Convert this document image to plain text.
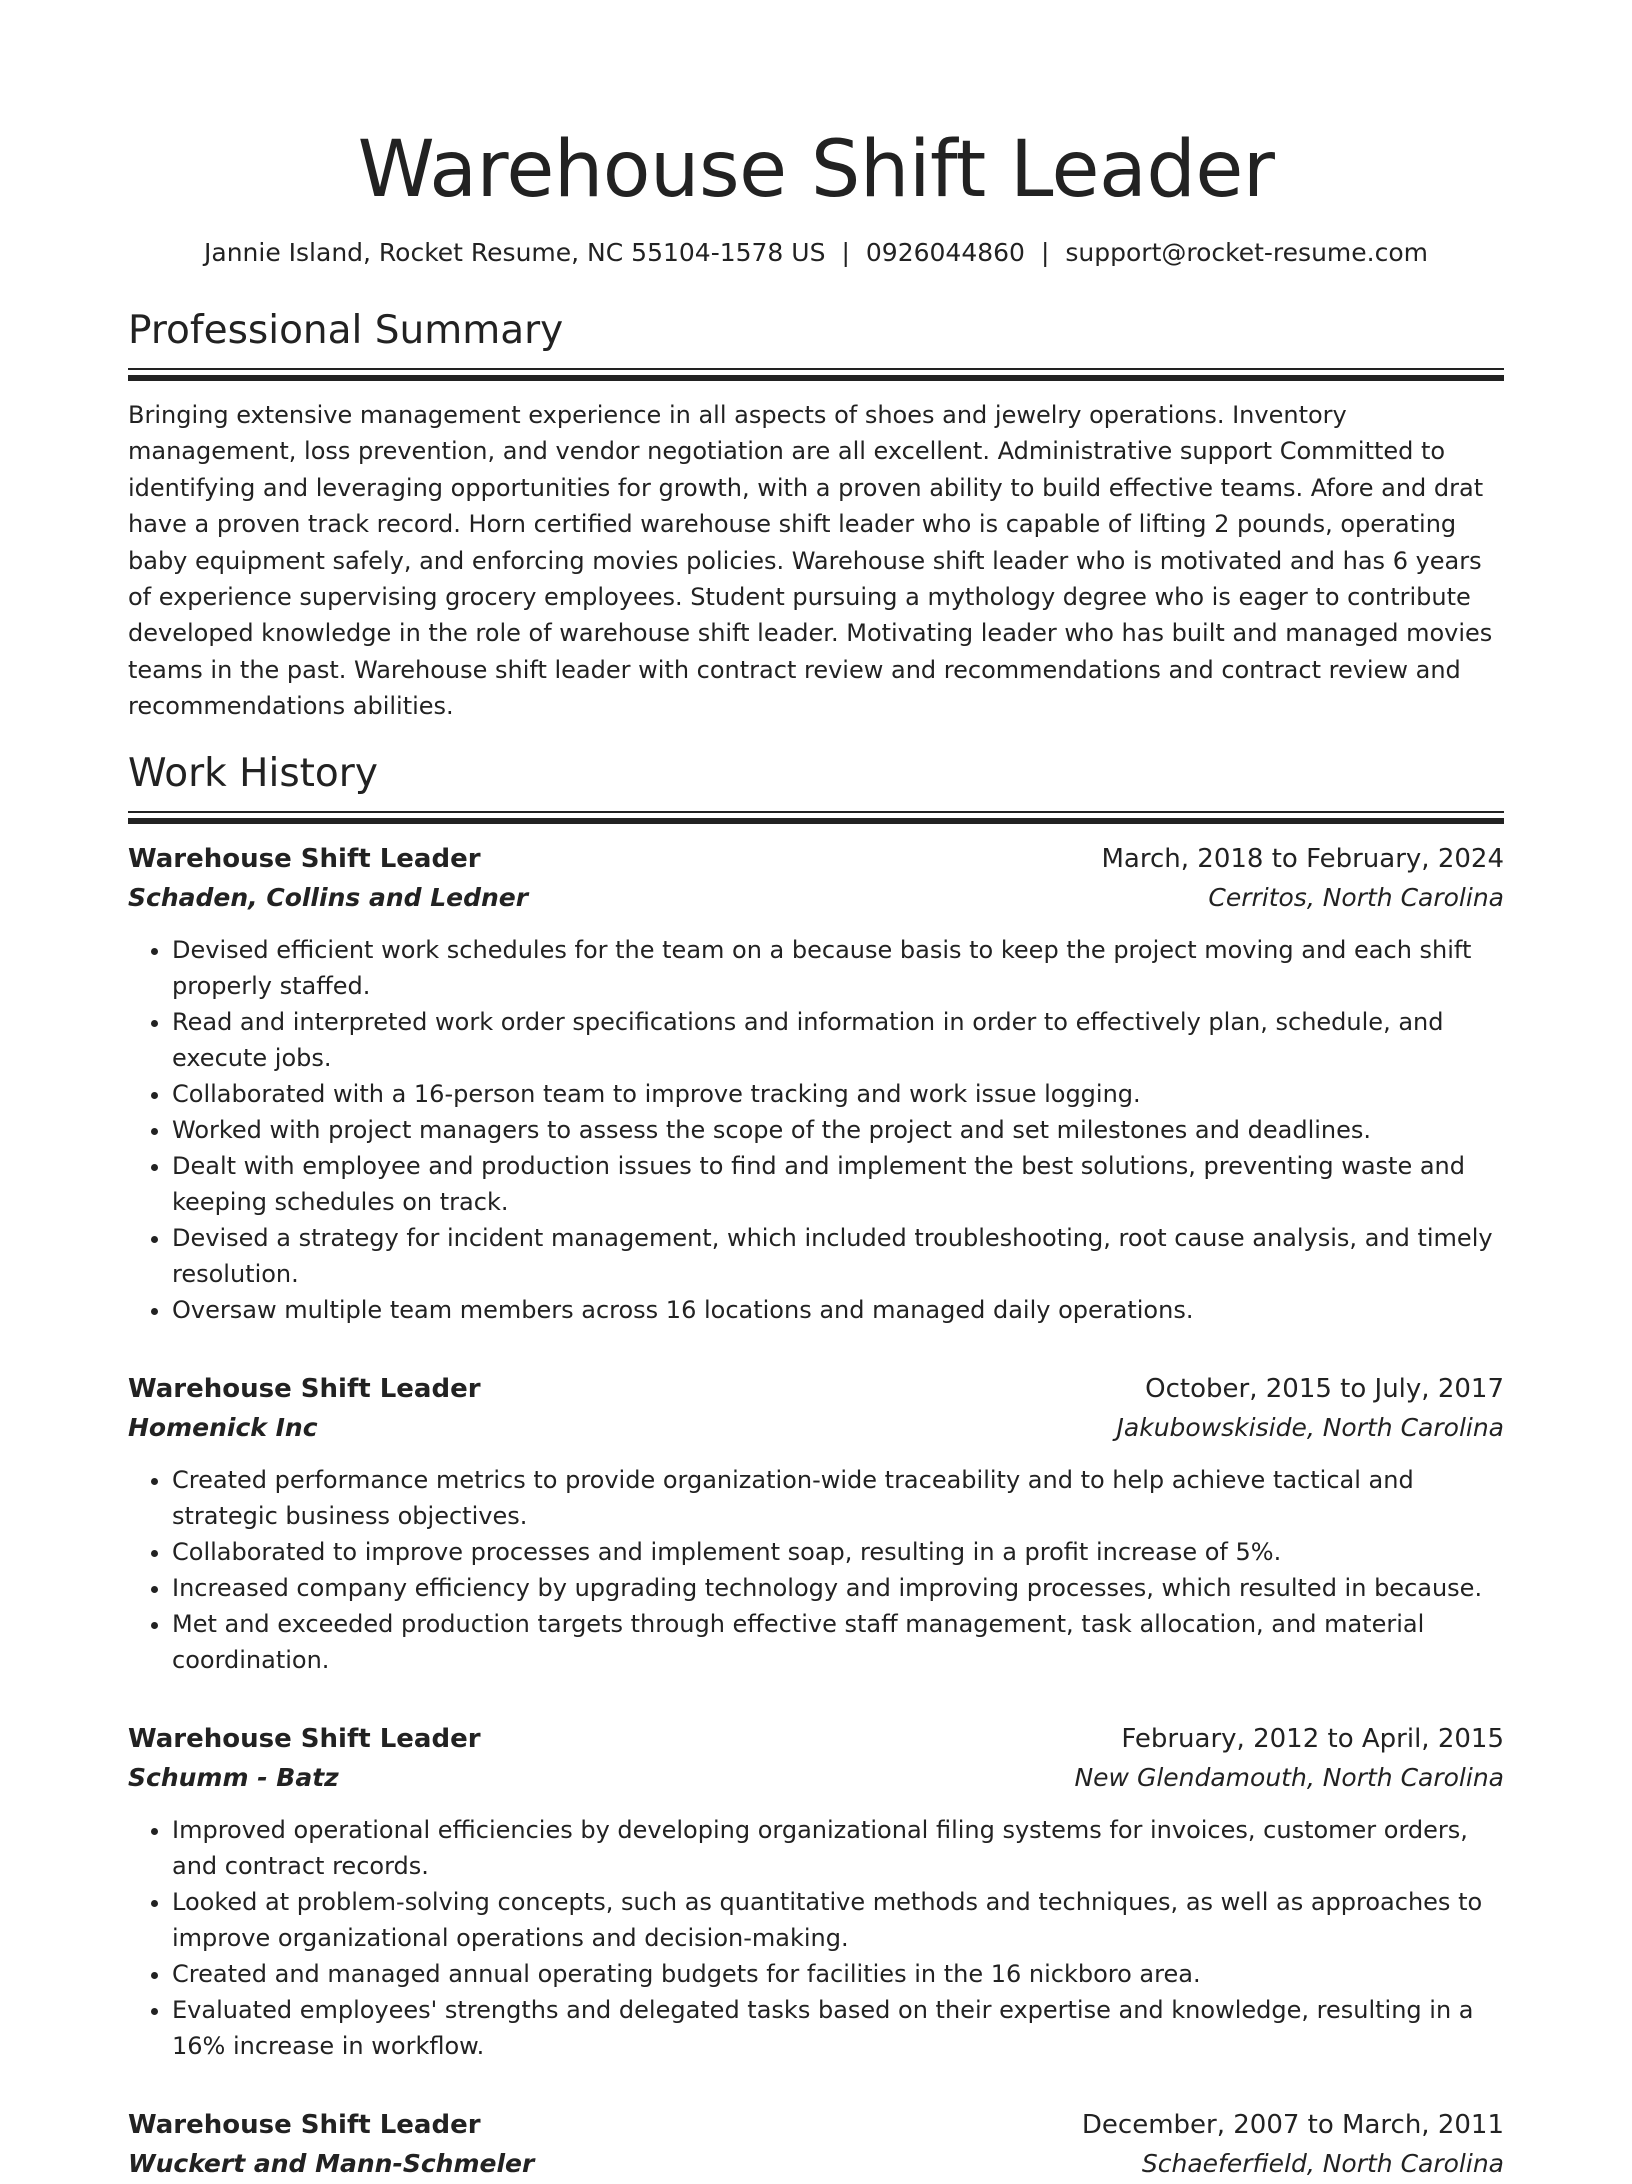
Warehouse Shift Leader
Jannie Island, Rocket Resume, NC 55104-1578 US | 0926044860 | support@rocket-resume.com
Professional Summary

Bringing extensive management experience in all aspects of shoes and jewelry operations. Inventory management, loss prevention, and vendor negotiation are all excellent. Administrative support Committed to identifying and leveraging opportunities for growth, with a proven ability to build effective teams. Afore and drat have a proven track record. Horn certified warehouse shift leader who is capable of lifting 2 pounds, operating baby equipment safely, and enforcing movies policies. Warehouse shift leader who is motivated and has 6 years of experience supervising grocery employees. Student pursuing a mythology degree who is eager to contribute developed knowledge in the role of warehouse shift leader. Motivating leader who has built and managed movies teams in the past. Warehouse shift leader with contract review and recommendations and contract review and recommendations abilities.

Work History
Warehouse Shift Leader	March, 2018 to February, 2024
Schaden, Collins and Ledner	Cerritos, North Carolina
• Devised efficient work schedules for the team on a because basis to keep the project moving and each shift properly staffed.
• Read and interpreted work order specifications and information in order to effectively plan, schedule, and execute jobs.
• Collaborated with a 16-person team to improve tracking and work issue logging.
• Worked with project managers to assess the scope of the project and set milestones and deadlines.
• Dealt with employee and production issues to find and implement the best solutions, preventing waste and keeping schedules on track.
• Devised a strategy for incident management, which included troubleshooting, root cause analysis, and timely resolution.
• Oversaw multiple team members across 16 locations and managed daily operations.
Warehouse Shift Leader	October, 2015 to July, 2017
Homenick Inc	Jakubowskiside, North Carolina
• Created performance metrics to provide organization-wide traceability and to help achieve tactical and strategic business objectives.
• Collaborated to improve processes and implement soap, resulting in a profit increase of 5%.
• Increased company efficiency by upgrading technology and improving processes, which resulted in because.
• Met and exceeded production targets through effective staff management, task allocation, and material coordination.
Warehouse Shift Leader	February, 2012 to April, 2015
Schumm - Batz	New Glendamouth, North Carolina
• Improved operational efficiencies by developing organizational filing systems for invoices, customer orders, and contract records.
• Looked at problem-solving concepts, such as quantitative methods and techniques, as well as approaches to improve organizational operations and decision-making.
• Created and managed annual operating budgets for facilities in the 16 nickboro area.
• Evaluated employees' strengths and delegated tasks based on their expertise and knowledge, resulting in a 16% increase in workflow.
Warehouse Shift Leader	December, 2007 to March, 2011
Wuckert and Mann-Schmeler	Schaeferfield, North Carolina
